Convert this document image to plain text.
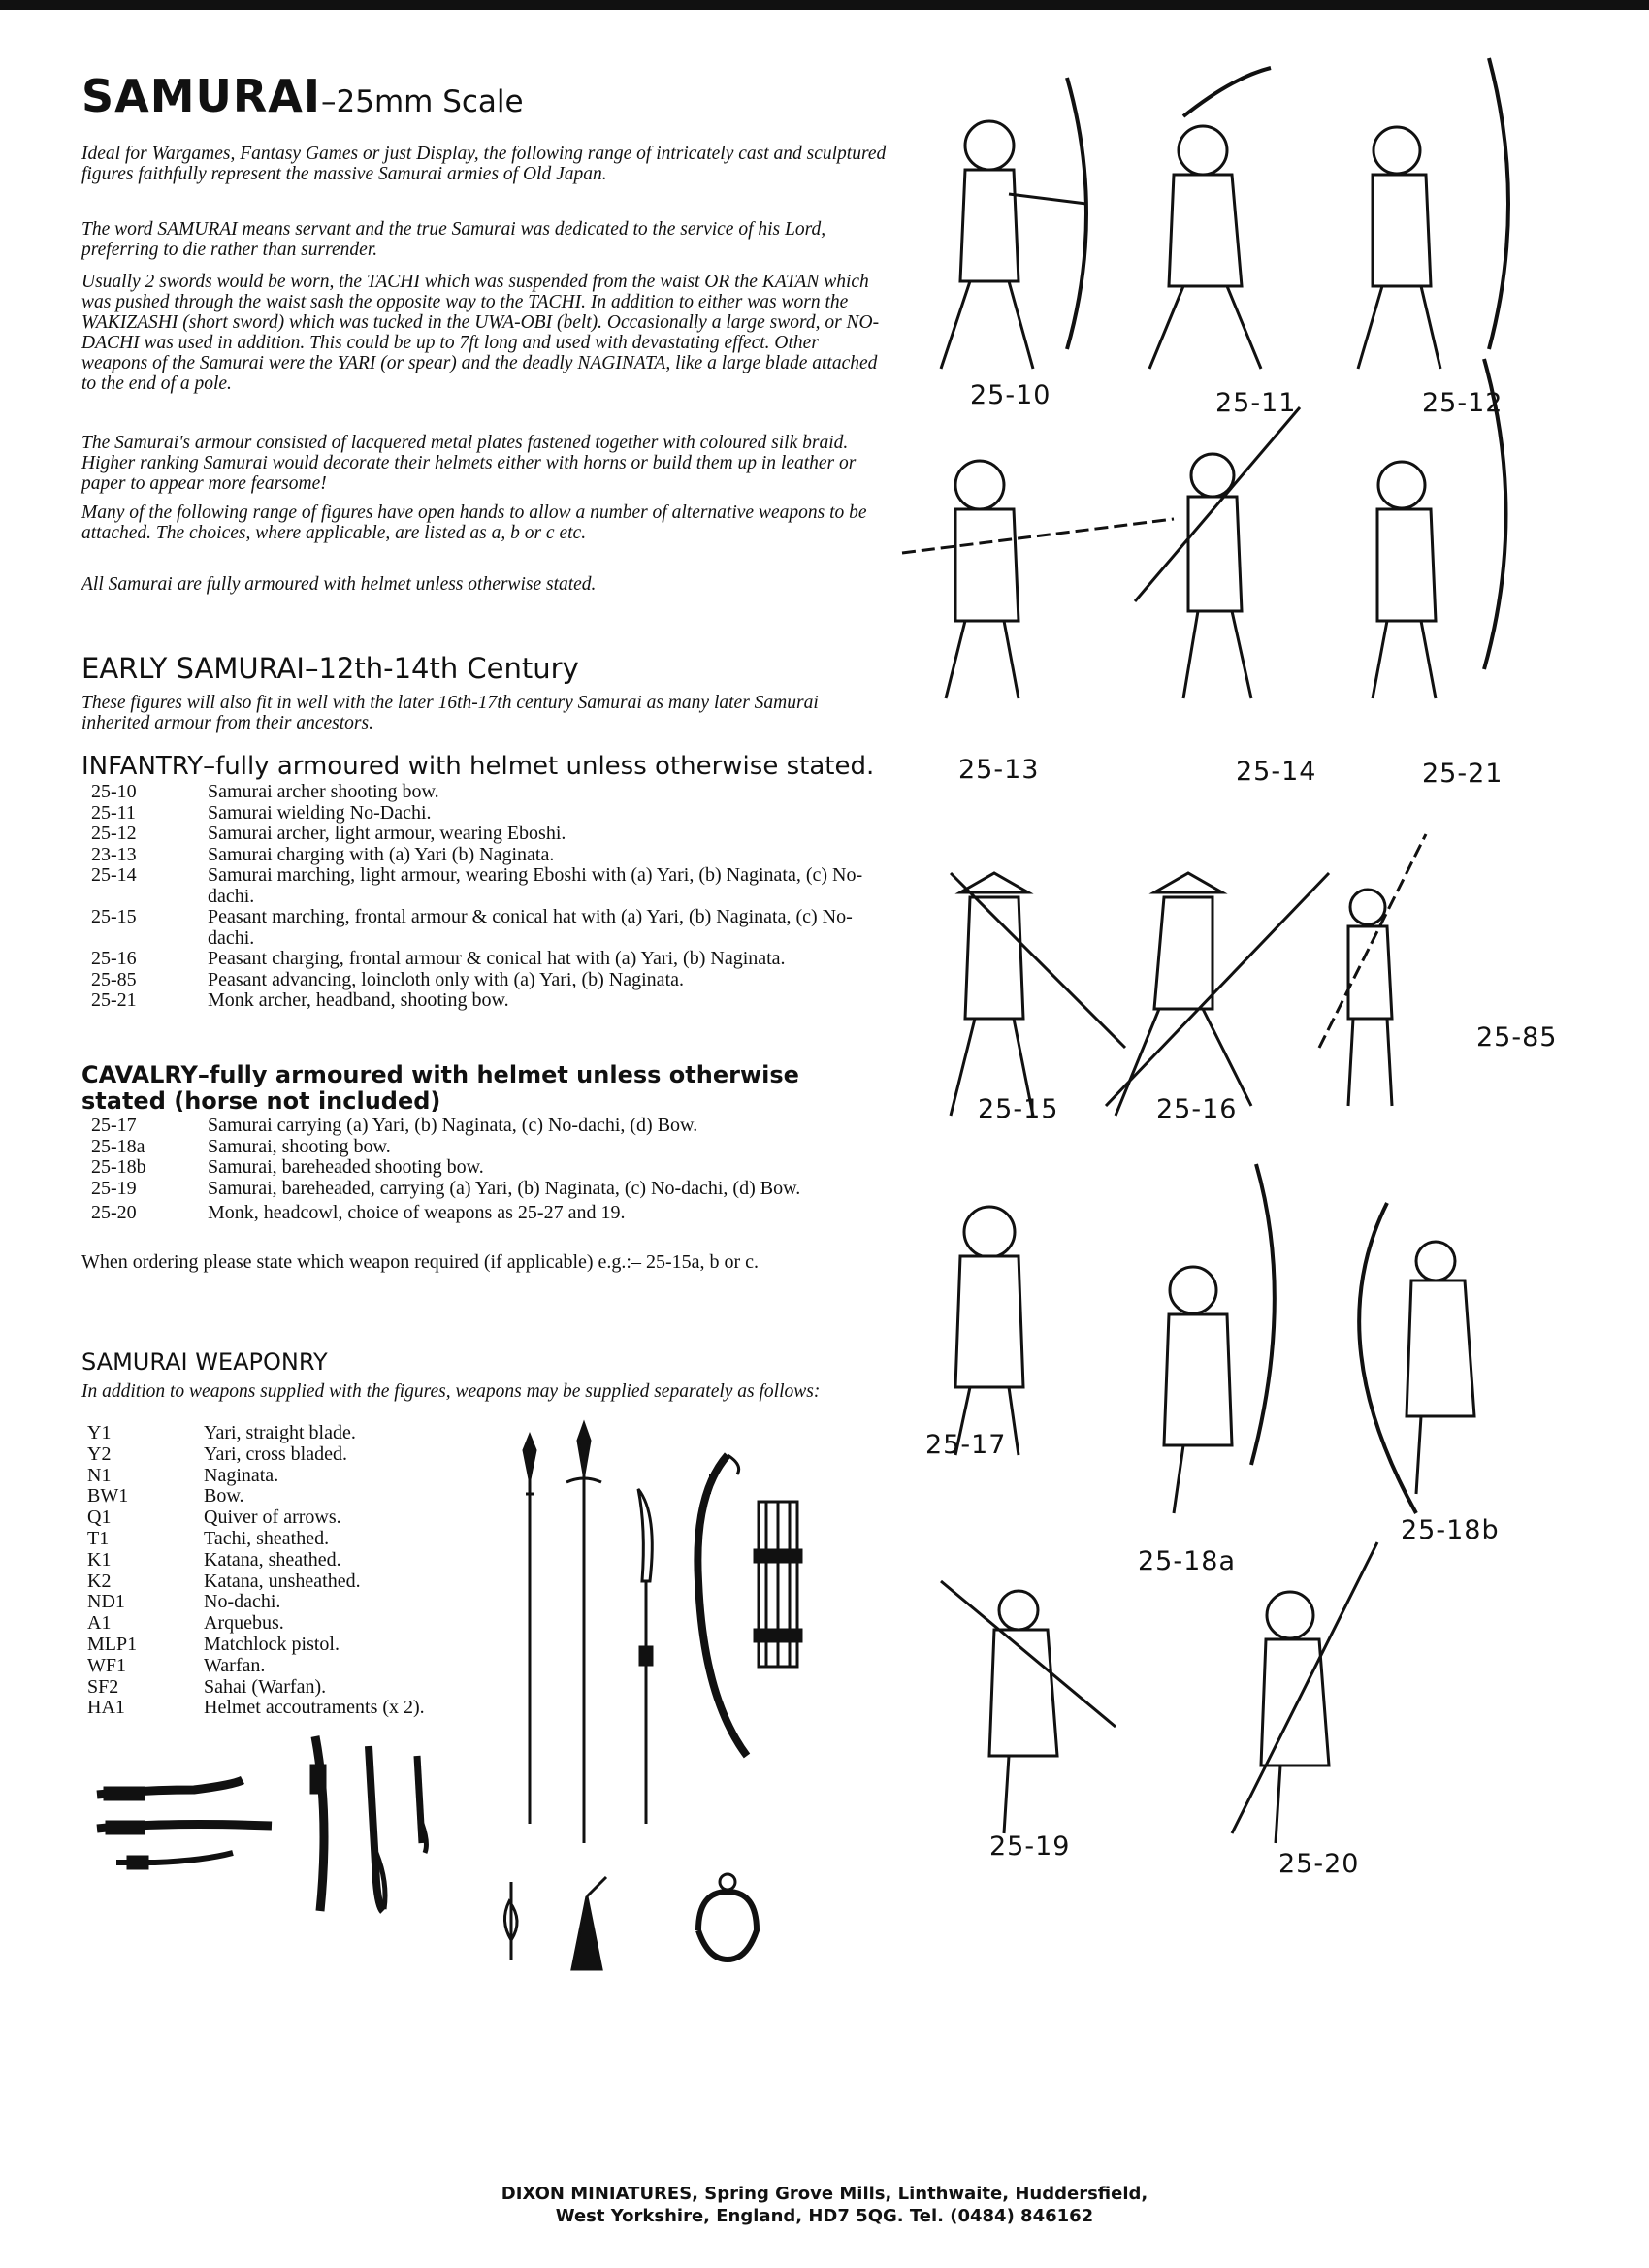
SAMURAI–25mm Scale

Ideal for Wargames, Fantasy Games or just Display, the following range of intricately cast and sculptured figures faithfully represent the massive Samurai armies of Old Japan.

The word SAMURAI means servant and the true Samurai was dedicated to the service of his Lord, preferring to die rather than surrender.

Usually 2 swords would be worn, the TACHI which was suspended from the waist OR the KATAN which was pushed through the waist sash the opposite way to the TACHI. In addition to either was worn the WAKIZASHI (short sword) which was tucked in the UWA-OBI (belt). Occasionally a large sword, or NO-DACHI was used in addition. This could be up to 7ft long and used with devastating effect. Other weapons of the Samurai were the YARI (or spear) and the deadly NAGINATA, like a large blade attached to the end of a pole.

The Samurai's armour consisted of lacquered metal plates fastened together with coloured silk braid. Higher ranking Samurai would decorate their helmets either with horns or build them up in leather or paper to appear more fearsome!

Many of the following range of figures have open hands to allow a number of alternative weapons to be attached. The choices, where applicable, are listed as a, b or c etc.

All Samurai are fully armoured with helmet unless otherwise stated.

EARLY SAMURAI–12th-14th Century

These figures will also fit in well with the later 16th-17th century Samurai as many later Samurai inherited armour from their ancestors.

INFANTRY–fully armoured with helmet unless otherwise stated.
25-10	Samurai archer shooting bow.
25-11	Samurai wielding No-Dachi.
25-12	Samurai archer, light armour, wearing Eboshi.
23-13	Samurai charging with (a) Yari (b) Naginata.
25-14	Samurai marching, light armour, wearing Eboshi with (a) Yari, (b) Naginata, (c) No-dachi.
25-15	Peasant marching, frontal armour & conical hat with (a) Yari, (b) Naginata, (c) No-dachi.
25-16	Peasant charging, frontal armour & conical hat with (a) Yari, (b) Naginata.
25-85	Peasant advancing, loincloth only with (a) Yari, (b) Naginata.
25-21	Monk archer, headband, shooting bow.
CAVALRY–fully armoured with helmet unless otherwise stated (horse not included)
25-17	Samurai carrying (a) Yari, (b) Naginata, (c) No-dachi, (d) Bow.
25-18a	Samurai, shooting bow.
25-18b	Samurai, bareheaded shooting bow.
25-19	Samurai, bareheaded, carrying (a) Yari, (b) Naginata, (c) No-dachi, (d) Bow.
25-20	Monk, headcowl, choice of weapons as 25-27 and 19.

When ordering please state which weapon required (if applicable) e.g.:– 25-15a, b or c.

SAMURAI WEAPONRY

In addition to weapons supplied with the figures, weapons may be supplied separately as follows:

Y1	Yari, straight blade.
Y2	Yari, cross bladed.
N1	Naginata.
BW1	Bow.
Q1	Quiver of arrows.
T1	Tachi, sheathed.
K1	Katana, sheathed.
K2	Katana, unsheathed.
ND1	No-dachi.
A1	Arquebus.
MLP1	Matchlock pistol.
WF1	Warfan.
SF2	Sahai (Warfan).
HA1	Helmet accoutraments (x 2).
25-10	25-11	25-12
25-13	25-14	25-21
25-15	25-16
25-85
25-17
25-18a
25-18b
25-19
25-20
DIXON MINIATURES, Spring Grove Mills, Linthwaite, Huddersfield,
West Yorkshire, England, HD7 5QG. Tel. (0484) 846162
